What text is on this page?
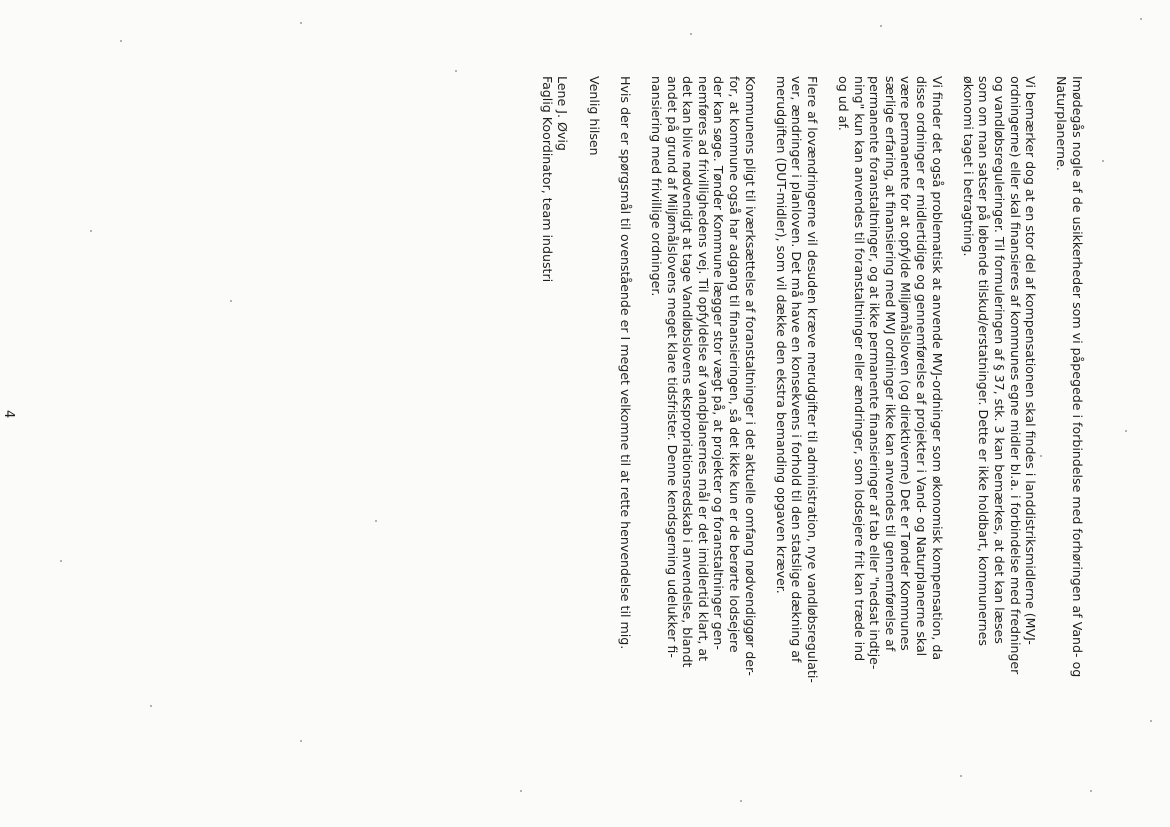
Imødegås nogle af de usikkerheder som vi påpegede i forbindelse med forhøringen af Vand- og
Naturplanerne.

Vi bemærker dog at en stor del af kompensationen skal findes i landdistriksmidlerne (MVJ-
ordningerne) eller skal finansieres af kommunes egne midler bl.a. i forbindelse med fredninger
og vandløbsreguleringer. Til formuleringen af § 37, stk. 3 kan bemærkes, at det kan læses
som om man satser på løbende tilskud/erstatninger. Dette er ikke holdbart, kommunernes
økonomi taget i betragtning.

Vi finder det også problematisk at anvende MVJ-ordninger som økonomisk kompensation, da
disse ordninger er midlertidige og gennemførelse af projekter i Vand- og Naturplanerne skal
være permanente for at opfylde Miljømålsloven (og direktiverne) Det er Tønder Kommunes
særlige erfaring, at finansiering med MVJ ordninger ikke kan anvendes til gennemførelse af
permanente foranstaltninger, og at ikke permanente finansieringer af tab eller "nedsat indtje-
ning" kun kan anvendes til foranstaltninger eller ændringer, som lodsejere frit kan træde ind
og ud af.

Flere af lovændringerne vil desuden kræve merudgifter til administration, nye vandløbsregulati-
ver, ændringer i planloven. Det må have en konsekvens i forhold til den statslige dækning af
merudgiften (DUT-midler), som vil dække den ekstra bemanding opgaven kræver.

Kommunens pligt til iværksættelse af foranstaltninger i det aktuelle omfang nødvendiggør der-
for, at kommune også har adgang til finansieringen, så det ikke kun er de berørte lodsejere
der kan søge. Tønder Kommune lægger stor vægt på, at projekter og foranstaltninger gen-
nemføres ad frivillighedens vej. Til opfyldelse af vandplanernes mål er det imidlertid klart, at
det kan blive nødvendigt at tage Vandløbslovens ekspropriationsredskab i anvendelse, blandt
andet på grund af Miljømålslovens meget klare tidsfrister. Denne kendsgerning udelukker fi-
nansiering med frivillige ordninger.

Hvis der er spørgsmål til ovenstående er I meget velkomne til at rette henvendelse til mig.

Venlig hilsen

Lene J. Øvig
Faglig Koordinator, team industri

4
